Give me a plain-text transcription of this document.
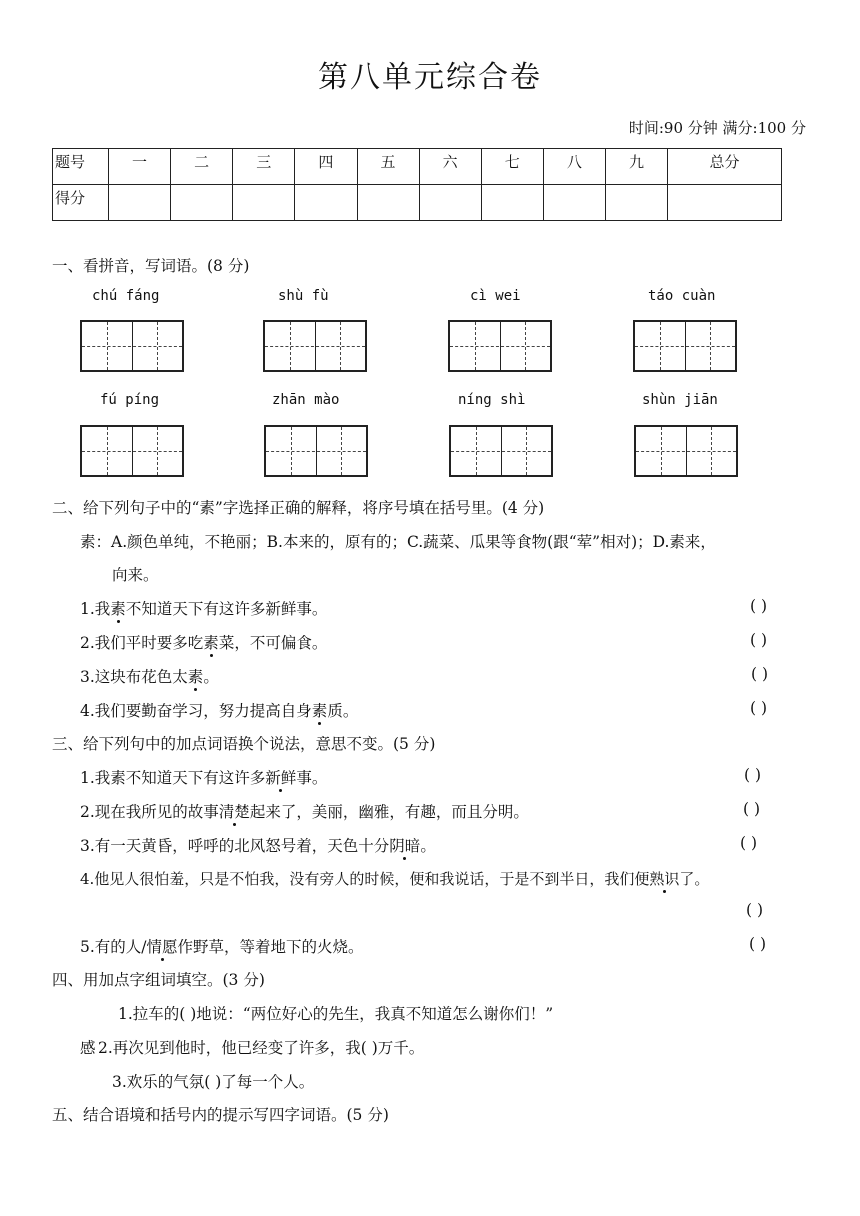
第八单元综合卷
时间:90 分钟 满分:100 分
题号	一	二	三	四	五	六	七	八	九	总分
得分										
一、看拼音，写词语。(8 分)
chú fáng	shù fù	cì wei	táo cuàn
fú píng	zhān mào	níng shì	shùn jiān
二、给下列句子中的“素”字选择正确的解释，将序号填在括号里。(4 分)
素：A.颜色单纯，不艳丽；B.本来的，原有的；C.蔬菜、瓜果等食物(跟“荤”相对)；D.素来，
向来。
1.我素不知道天下有这许多新鲜事。	( )
2.我们平时要多吃素菜，不可偏食。	( )
3.这块布花色太素。	( )
4.我们要勤奋学习，努力提高自身素质。	( )
三、给下列句中的加点词语换个说法，意思不变。(5 分)
1.我素不知道天下有这许多新鲜事。	( )
2.现在我所见的故事清楚起来了，美丽，幽雅，有趣，而且分明。	( )
3.有一天黄昏，呼呼的北风怒号着，天色十分阴暗。	( )
4.他见人很怕羞，只是不怕我，没有旁人的时候，便和我说话，于是不到半日，我们便熟识了。
( )
5.有的人/情愿作野草，等着地下的火烧。	( )
四、用加点字组词填空。(3 分)
1.拉车的( )地说：“两位好心的先生，我真不知道怎么谢你们！”
感 2.再次见到他时，他已经变了许多，我( )万千。
3.欢乐的气氛( )了每一个人。
五、结合语境和括号内的提示写四字词语。(5 分)
